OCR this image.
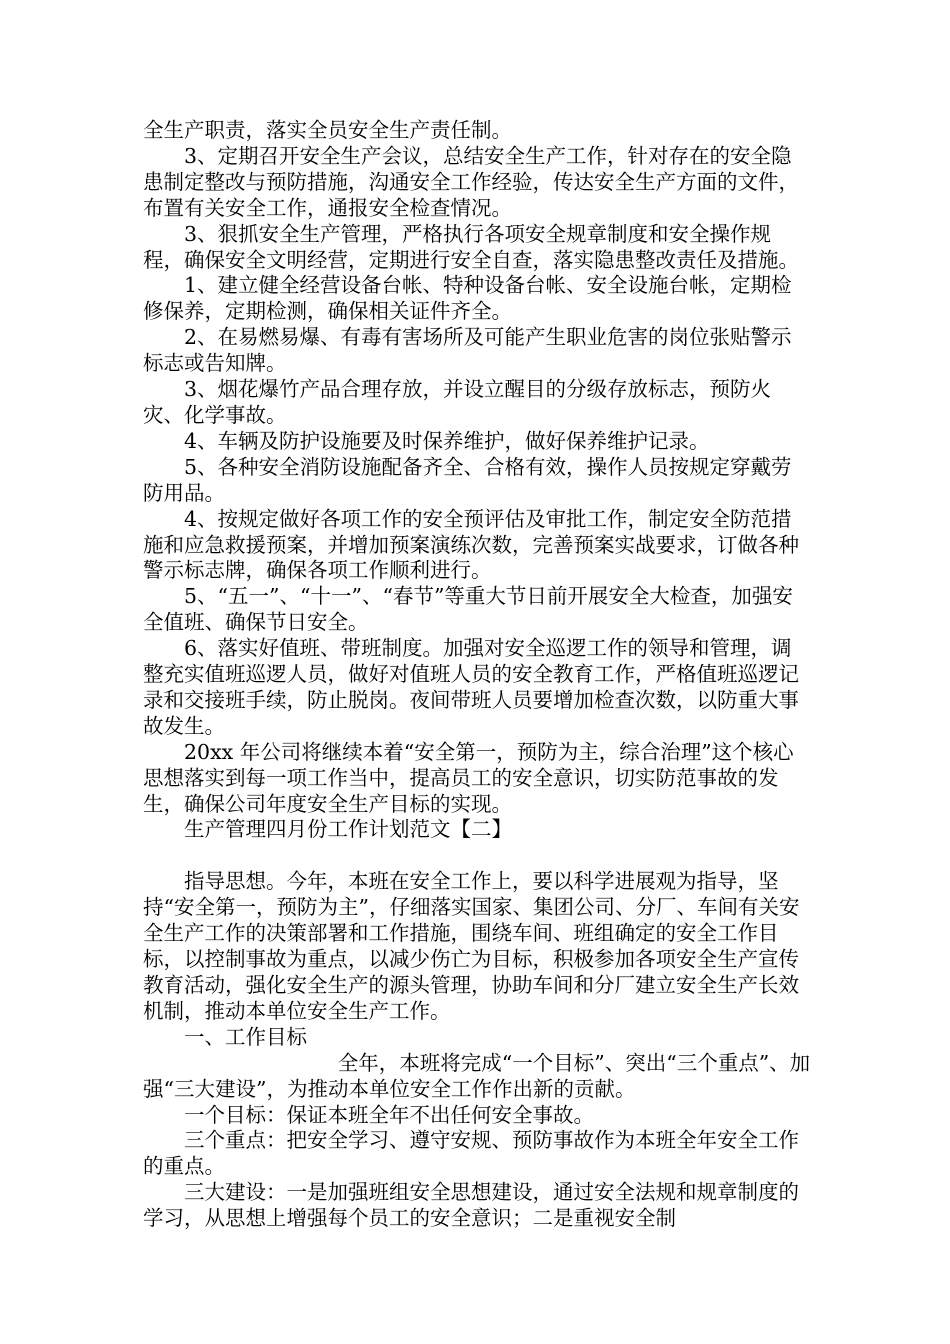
全生产职责，落实全员安全生产责任制。

3、定期召开安全生产会议，总结安全生产工作，针对存在的安全隐患制定整改与预防措施，沟通安全工作经验，传达安全生产方面的文件，布置有关安全工作，通报安全检查情况。

3、狠抓安全生产管理，严格执行各项安全规章制度和安全操作规程，确保安全文明经营，定期进行安全自查，落实隐患整改责任及措施。

1、建立健全经营设备台帐、特种设备台帐、安全设施台帐，定期检修保养，定期检测，确保相关证件齐全。

2、在易燃易爆、有毒有害场所及可能产生职业危害的岗位张贴警示标志或告知牌。

3、烟花爆竹产品合理存放，并设立醒目的分级存放标志，预防火灾、化学事故。

4、车辆及防护设施要及时保养维护，做好保养维护记录。

5、各种安全消防设施配备齐全、合格有效，操作人员按规定穿戴劳防用品。

4、按规定做好各项工作的安全预评估及审批工作，制定安全防范措施和应急救援预案，并增加预案演练次数，完善预案实战要求，订做各种警示标志牌，确保各项工作顺利进行。

5、“五一”、“十一”、“春节”等重大节日前开展安全大检查，加强安全值班、确保节日安全。

6、落实好值班、带班制度。加强对安全巡逻工作的领导和管理，调整充实值班巡逻人员，做好对值班人员的安全教育工作，严格值班巡逻记录和交接班手续，防止脱岗。夜间带班人员要增加检查次数，以防重大事故发生。

20xx 年公司将继续本着“安全第一，预防为主，综合治理”这个核心思想落实到每一项工作当中，提高员工的安全意识，切实防范事故的发生，确保公司年度安全生产目标的实现。

生产管理四月份工作计划范文【二】

指导思想。今年，本班在安全工作上，要以科学进展观为指导，坚持“安全第一，预防为主”，仔细落实国家、集团公司、分厂、车间有关安全生产工作的决策部署和工作措施，围绕车间、班组确定的安全工作目标，以控制事故为重点，以减少伤亡为目标，积极参加各项安全生产宣传教育活动，强化安全生产的源头管理，协助车间和分厂建立安全生产长效机制，推动本单位安全生产工作。

一、工作目标

全年，本班将完成“一个目标”、突出“三个重点”、加强“三大建设”，为推动本单位安全工作作出新的贡献。

一个目标：保证本班全年不出任何安全事故。

三个重点：把安全学习、遵守安规、预防事故作为本班全年安全工作的重点。

三大建设：一是加强班组安全思想建设，通过安全法规和规章制度的学习，从思想上增强每个员工的安全意识；二是重视安全制
